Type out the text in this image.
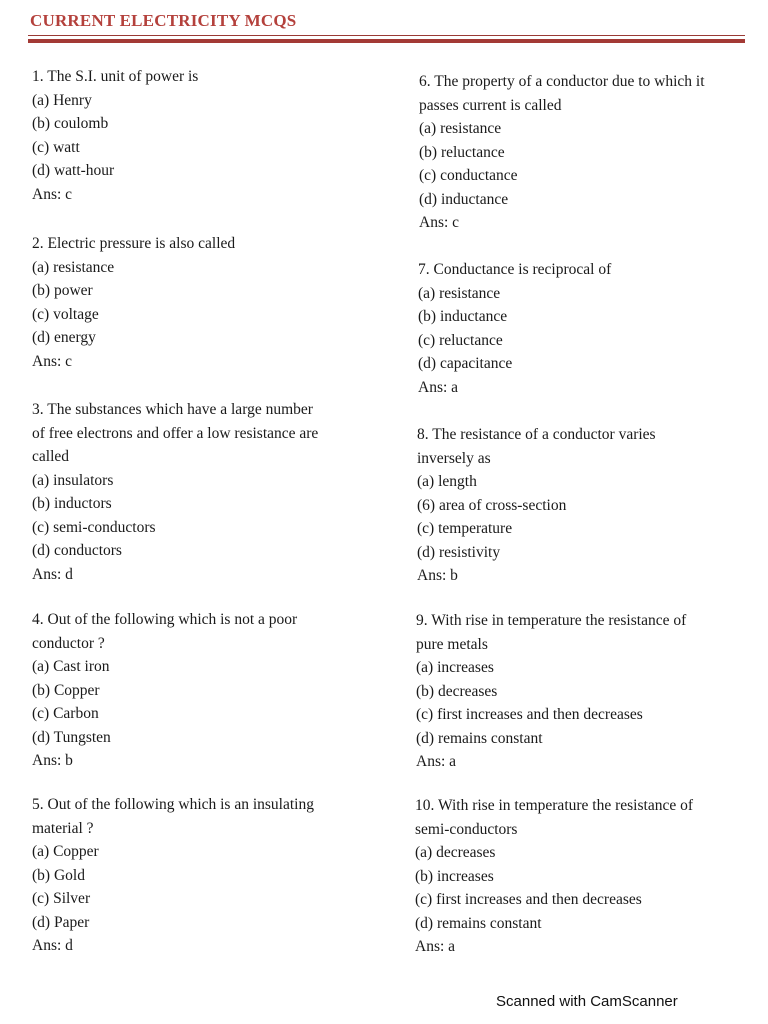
CURRENT ELECTRICITY MCQS
1. The S.I. unit of power is
(a) Henry
(b) coulomb
(c) watt
(d) watt-hour
Ans: c
2. Electric pressure is also called
(a) resistance
(b) power
(c) voltage
(d) energy
Ans: c
3. The substances which have a large number
of free electrons and offer a low resistance are
called
(a) insulators
(b) inductors
(c) semi-conductors
(d) conductors
Ans: d
4. Out of the following which is not a poor
conductor ?
(a) Cast iron
(b) Copper
(c) Carbon
(d) Tungsten
Ans: b
5. Out of the following which is an insulating
material ?
(a) Copper
(b) Gold
(c) Silver
(d) Paper
Ans: d
6. The property of a conductor due to which it
passes current is called
(a) resistance
(b) reluctance
(c) conductance
(d) inductance
Ans: c
7. Conductance is reciprocal of
(a) resistance
(b) inductance
(c) reluctance
(d) capacitance
Ans: a
8. The resistance of a conductor varies
inversely as
(a) length
(6) area of cross-section
(c) temperature
(d) resistivity
Ans: b
9. With rise in temperature the resistance of
pure metals
(a) increases
(b) decreases
(c) first increases and then decreases
(d) remains constant
Ans: a
10. With rise in temperature the resistance of
semi-conductors
(a) decreases
(b) increases
(c) first increases and then decreases
(d) remains constant
Ans: a
Scanned with CamScanner
